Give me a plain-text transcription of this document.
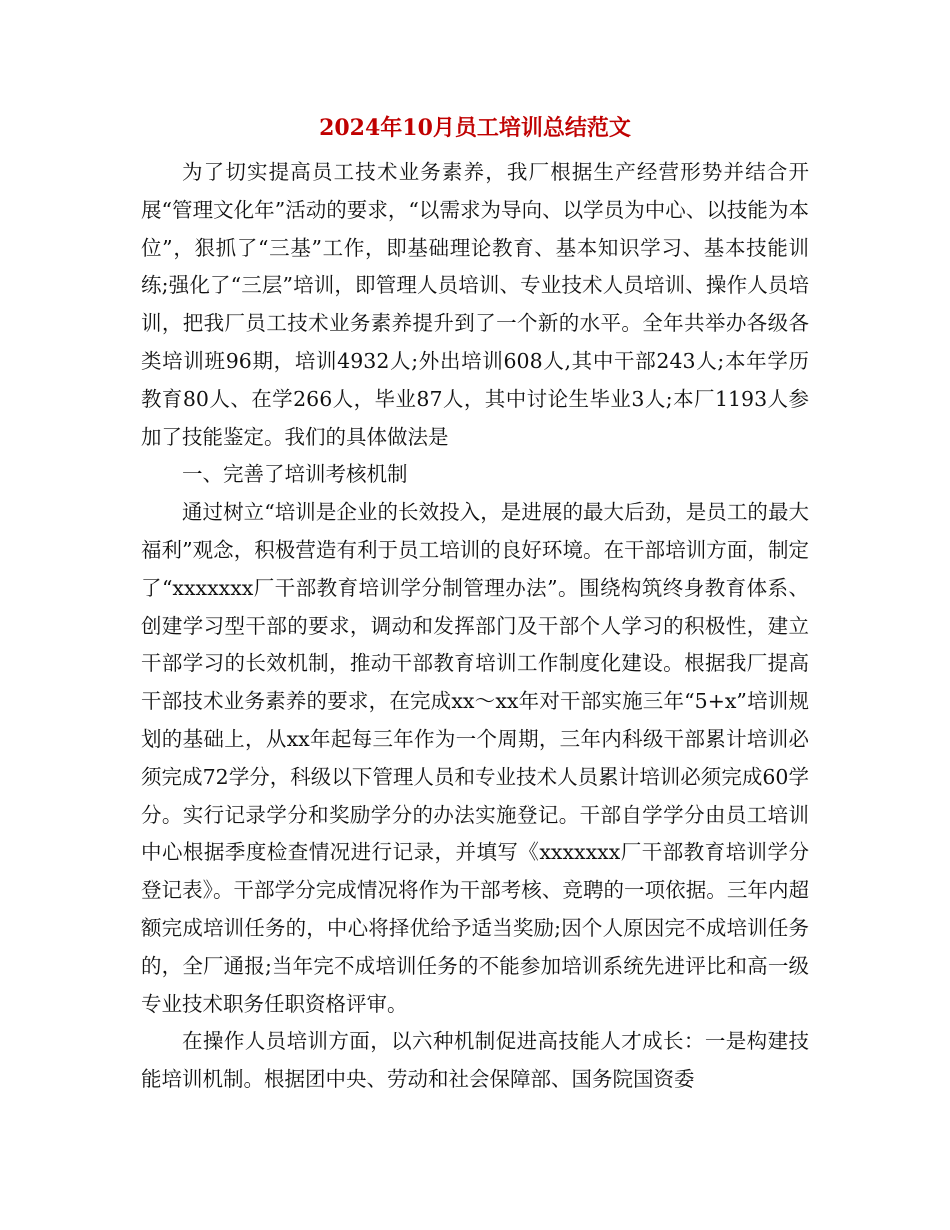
2024年10月员工培训总结范文

为了切实提高员工技术业务素养，我厂根据生产经营形势并结合开展“管理文化年”活动的要求，“以需求为导向、以学员为中心、以技能为本位”，狠抓了“三基”工作，即基础理论教育、基本知识学习、基本技能训练;强化了“三层”培训，即管理人员培训、专业技术人员培训、操作人员培训，把我厂员工技术业务素养提升到了一个新的水平。全年共举办各级各类培训班96期，培训4932人;外出培训608人,其中干部243人;本年学历教育80人、在学266人，毕业87人，其中讨论生毕业3人;本厂1193人参加了技能鉴定。我们的具体做法是

一、完善了培训考核机制

通过树立“培训是企业的长效投入，是进展的最大后劲，是员工的最大福利”观念，积极营造有利于员工培训的良好环境。在干部培训方面，制定了“xxxxxxx厂干部教育培训学分制管理办法”。围绕构筑终身教育体系、创建学习型干部的要求，调动和发挥部门及干部个人学习的积极性，建立干部学习的长效机制，推动干部教育培训工作制度化建设。根据我厂提高干部技术业务素养的要求，在完成xx～xx年对干部实施三年“5+x”培训规划的基础上，从xx年起每三年作为一个周期，三年内科级干部累计培训必须完成72学分，科级以下管理人员和专业技术人员累计培训必须完成60学分。实行记录学分和奖励学分的办法实施登记。干部自学学分由员工培训中心根据季度检查情况进行记录，并填写《xxxxxxx厂干部教育培训学分登记表》。干部学分完成情况将作为干部考核、竞聘的一项依据。三年内超额完成培训任务的，中心将择优给予适当奖励;因个人原因完不成培训任务的，全厂通报;当年完不成培训任务的不能参加培训系统先进评比和高一级专业技术职务任职资格评审。

在操作人员培训方面，以六种机制促进高技能人才成长：一是构建技能培训机制。根据团中央、劳动和社会保障部、国务院国资委
